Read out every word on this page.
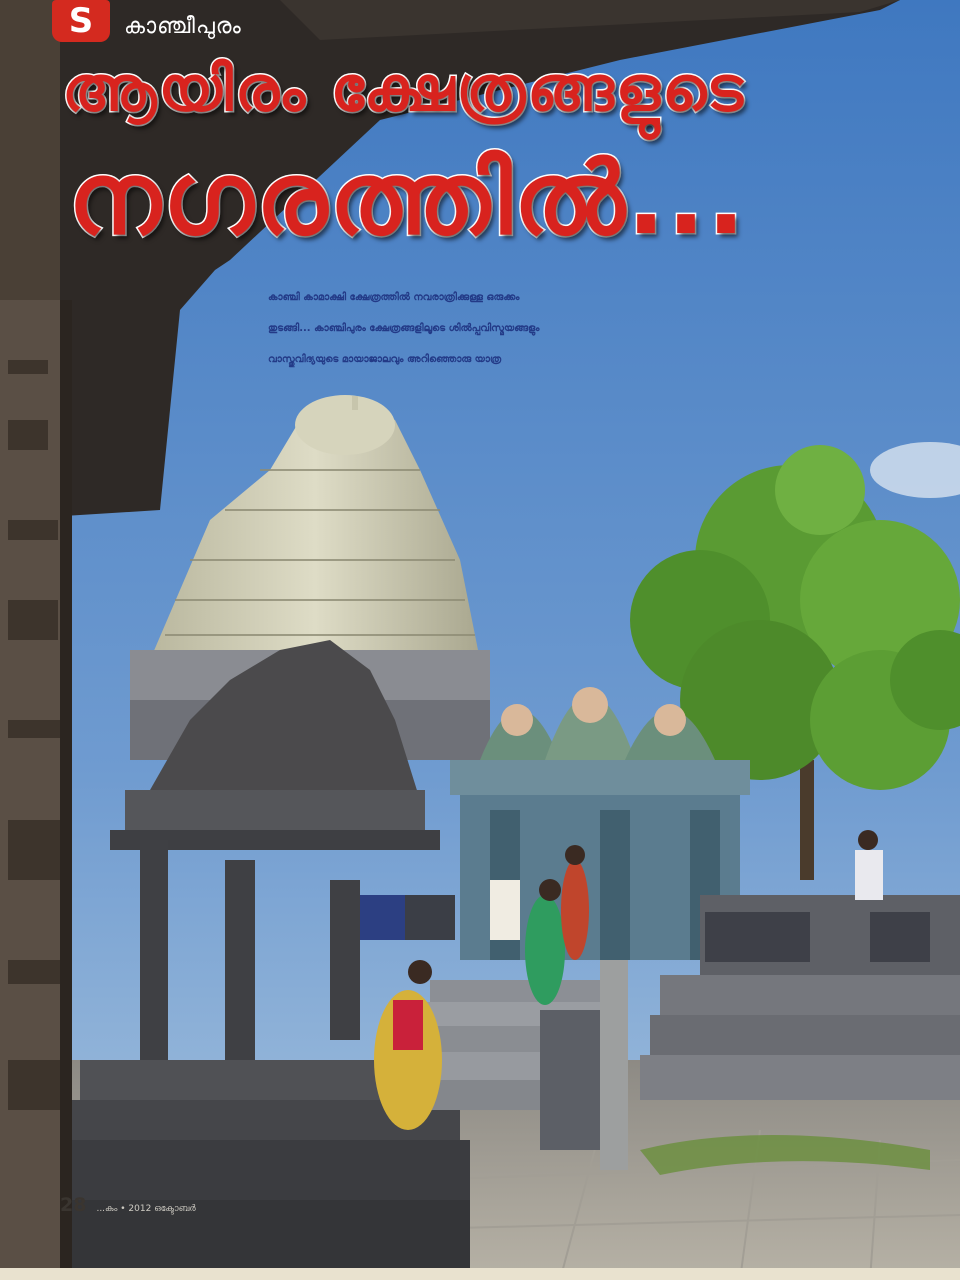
S കാഞ്ചീപുരം
ആയിരം ക്ഷേത്രങ്ങളുടെ
നഗരത്തിൽ...
കാഞ്ചി കാമാക്ഷി ക്ഷേത്രത്തിൽ നവരാത്രിക്കുള്ള ഒരുക്കം
തുടങ്ങി... കാഞ്ചിപുരം ക്ഷേത്രങ്ങളിലൂടെ ശിൽപ്പവിസ്മയങ്ങളും
വാസ്തുവിദ്യയുടെ മായാജാലവും അറിഞ്ഞൊരു യാത്ര
28 ...കം • 2012 ഒക്ടോബർ
